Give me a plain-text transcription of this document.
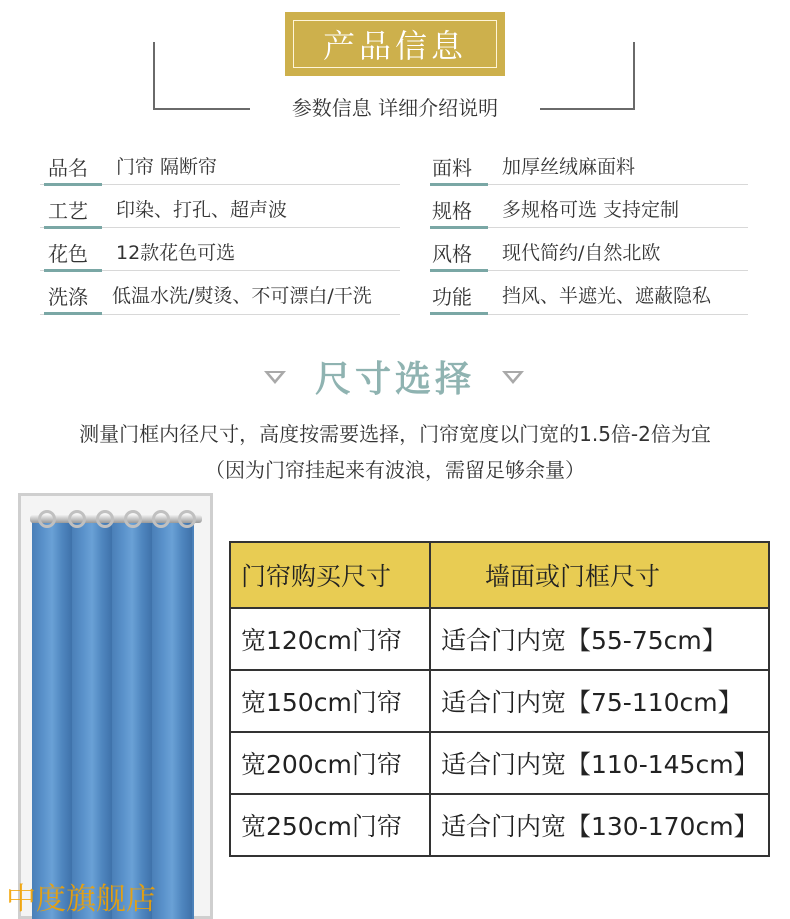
产品信息
参数信息 详细介绍说明
品名 门帘 隔断帘
工艺 印染、打孔、超声波
花色 12款花色可选
洗涤 低温水洗/熨烫、不可漂白/干洗
面料 加厚丝绒麻面料
规格 多规格可选 支持定制
风格 现代简约/自然北欧
功能 挡风、半遮光、遮蔽隐私
尺寸选择
测量门框内径尺寸，高度按需要选择，门帘宽度以门宽的1.5倍-2倍为宜
（因为门帘挂起来有波浪，需留足够余量）
中度旗舰店
门帘购买尺寸	墙面或门框尺寸
宽120cm门帘	适合门内宽【55-75cm】
宽150cm门帘	适合门内宽【75-110cm】
宽200cm门帘	适合门内宽【110-145cm】
宽250cm门帘	适合门内宽【130-170cm】
